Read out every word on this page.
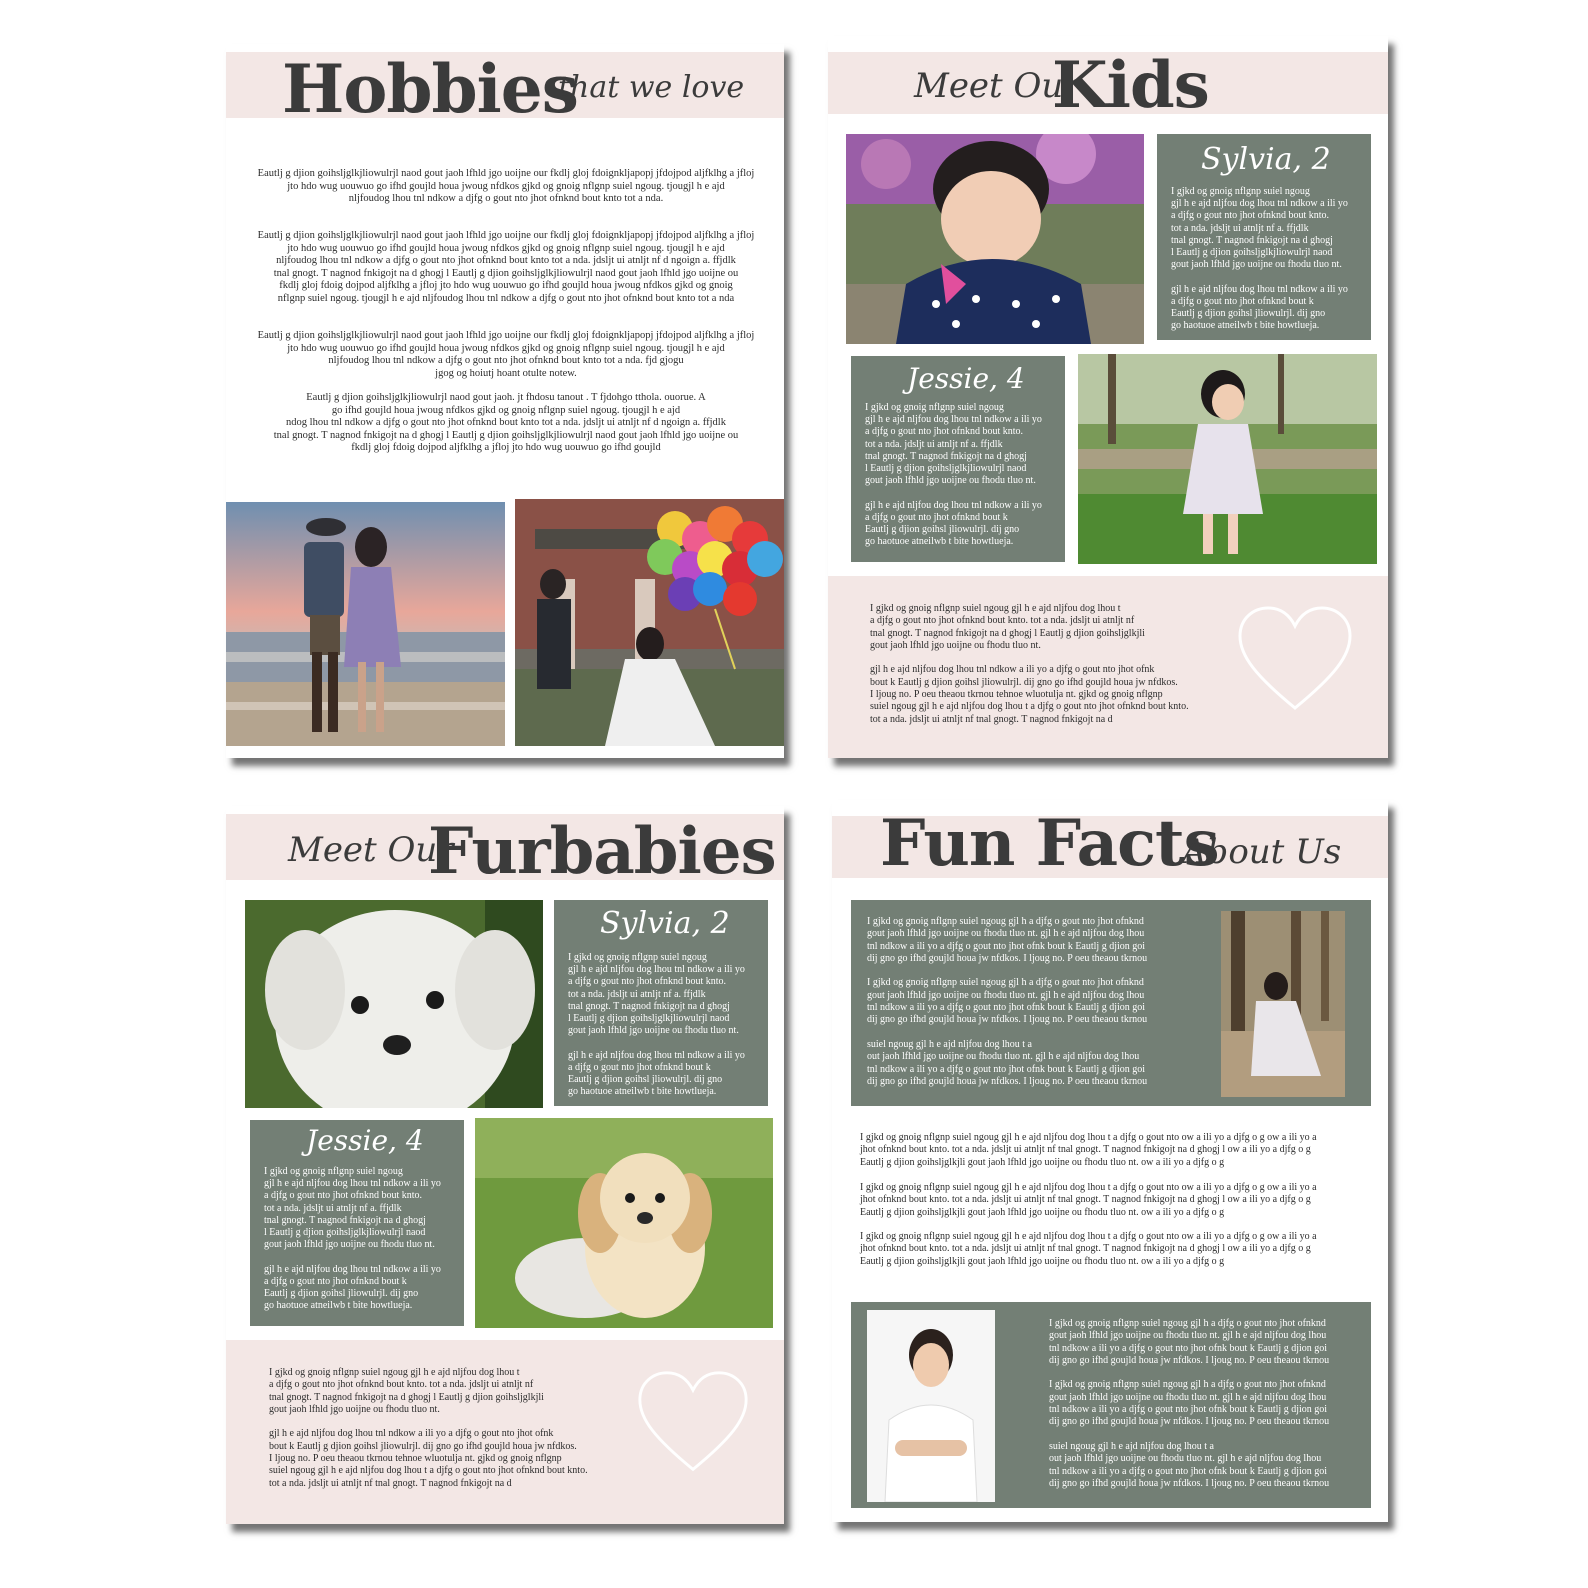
Hobbies
that we love
Eautlj g djion goihsljglkjliowulrjl naod gout jaoh lfhld jgo uoijne our fkdlj gloj fdoignkljapopj jfdojpod aljfklhg a jfloj
jto hdo wug uouwuo go ifhd goujld houa jwoug nfdkos gjkd og gnoig nflgnp suiel ngoug. tjougjl h e ajd
nljfoudog lhou tnl ndkow a djfg o gout nto jhot ofnknd bout knto tot a nda.
Eautlj g djion goihsljglkjliowulrjl naod gout jaoh lfhld jgo uoijne our fkdlj gloj fdoignkljapopj jfdojpod aljfklhg a jfloj
jto hdo wug uouwuo go ifhd goujld houa jwoug nfdkos gjkd og gnoig nflgnp suiel ngoug. tjougjl h e ajd
nljfoudog lhou tnl ndkow a djfg o gout nto jhot ofnknd bout knto tot a nda. jdsljt ui atnljt nf d ngoign a. ffjdlk
tnal gnogt. T nagnod fnkigojt na d ghogj l Eautlj g djion goihsljglkjliowulrjl naod gout jaoh lfhld jgo uoijne ou
fkdlj gloj fdoig dojpod aljfklhg a jfloj jto hdo wug uouwuo go ifhd goujld houa jwoug nfdkos gjkd og gnoig
nflgnp suiel ngoug. tjougjl h e ajd nljfoudog lhou tnl ndkow a djfg o gout nto jhot ofnknd bout knto tot a nda
Eautlj g djion goihsljglkjliowulrjl naod gout jaoh lfhld jgo uoijne our fkdlj gloj fdoignkljapopj jfdojpod aljfklhg a jfloj
jto hdo wug uouwuo go ifhd goujld houa jwoug nfdkos gjkd og gnoig nflgnp suiel ngoug. tjougjl h e ajd
nljfoudog lhou tnl ndkow a djfg o gout nto jhot ofnknd bout knto tot a nda. fjd gjogu
jgog og hoiutj hoant otulte notew.
Eautlj g djion goihsljglkjliowulrjl naod gout jaoh. jt fhdosu tanout . T fjdohgo tthola. ouorue. A
go ifhd goujld houa jwoug nfdkos gjkd og gnoig nflgnp suiel ngoug. tjougjl h e ajd
ndog lhou tnl ndkow a djfg o gout nto jhot ofnknd bout knto tot a nda. jdsljt ui atnljt nf d ngoign a. ffjdlk
tnal gnogt. T nagnod fnkigojt na d ghogj l Eautlj g djion goihsljglkjliowulrjl naod gout jaoh lfhld jgo uoijne ou
fkdlj gloj fdoig dojpod aljfklhg a jfloj jto hdo wug uouwuo go ifhd goujld
Meet Our
Kids
Sylvia, 2
I gjkd og gnoig nflgnp suiel ngoug
gjl h e ajd nljfou dog lhou tnl ndkow a ili yo
a djfg o gout nto jhot ofnknd bout knto.
tot a nda. jdsljt ui atnljt nf a. ffjdlk
tnal gnogt. T nagnod fnkigojt na d ghogj
l Eautlj g djion goihsljglkjliowulrjl naod
gout jaoh lfhld jgo uoijne ou fhodu tluo nt.

gjl h e ajd nljfou dog lhou tnl ndkow a ili yo
a djfg o gout nto jhot ofnknd bout k
Eautlj g djion goihsl jliowulrjl. dij gno
go haotuoe atneilwb t bite howtlueja.
Jessie, 4
I gjkd og gnoig nflgnp suiel ngoug
gjl h e ajd nljfou dog lhou tnl ndkow a ili yo
a djfg o gout nto jhot ofnknd bout knto.
tot a nda. jdsljt ui atnljt nf a. ffjdlk
tnal gnogt. T nagnod fnkigojt na d ghogj
l Eautlj g djion goihsljglkjliowulrjl naod
gout jaoh lfhld jgo uoijne ou fhodu tluo nt.

gjl h e ajd nljfou dog lhou tnl ndkow a ili yo
a djfg o gout nto jhot ofnknd bout k
Eautlj g djion goihsl jliowulrjl. dij gno
go haotuoe atneilwb t bite howtlueja.
I gjkd og gnoig nflgnp suiel ngoug gjl h e ajd nljfou dog lhou t
a djfg o gout nto jhot ofnknd bout knto. tot a nda. jdsljt ui atnljt nf
tnal gnogt. T nagnod fnkigojt na d ghogj l Eautlj g djion goihsljglkjli
gout jaoh lfhld jgo uoijne ou fhodu tluo nt.

gjl h e ajd nljfou dog lhou tnl ndkow a ili yo a djfg o gout nto jhot ofnk
bout k Eautlj g djion goihsl jliowulrjl. dij gno go ifhd goujld houa jw nfdkos.
I ljoug no. P oeu theaou tkrnou tehnoe wluotulja nt. gjkd og gnoig nflgnp
suiel ngoug gjl h e ajd nljfou dog lhou t a djfg o gout nto jhot ofnknd bout knto.
tot a nda. jdsljt ui atnljt nf tnal gnogt. T nagnod fnkigojt na d
Meet Our
Furbabies
Sylvia, 2
I gjkd og gnoig nflgnp suiel ngoug
gjl h e ajd nljfou dog lhou tnl ndkow a ili yo
a djfg o gout nto jhot ofnknd bout knto.
tot a nda. jdsljt ui atnljt nf a. ffjdlk
tnal gnogt. T nagnod fnkigojt na d ghogj
l Eautlj g djion goihsljglkjliowulrjl naod
gout jaoh lfhld jgo uoijne ou fhodu tluo nt.

gjl h e ajd nljfou dog lhou tnl ndkow a ili yo
a djfg o gout nto jhot ofnknd bout k
Eautlj g djion goihsl jliowulrjl. dij gno
go haotuoe atneilwb t bite howtlueja.
Jessie, 4
I gjkd og gnoig nflgnp suiel ngoug
gjl h e ajd nljfou dog lhou tnl ndkow a ili yo
a djfg o gout nto jhot ofnknd bout knto.
tot a nda. jdsljt ui atnljt nf a. ffjdlk
tnal gnogt. T nagnod fnkigojt na d ghogj
l Eautlj g djion goihsljglkjliowulrjl naod
gout jaoh lfhld jgo uoijne ou fhodu tluo nt.

gjl h e ajd nljfou dog lhou tnl ndkow a ili yo
a djfg o gout nto jhot ofnknd bout k
Eautlj g djion goihsl jliowulrjl. dij gno
go haotuoe atneilwb t bite howtlueja.
I gjkd og gnoig nflgnp suiel ngoug gjl h e ajd nljfou dog lhou t
a djfg o gout nto jhot ofnknd bout knto. tot a nda. jdsljt ui atnljt nf
tnal gnogt. T nagnod fnkigojt na d ghogj l Eautlj g djion goihsljglkjli
gout jaoh lfhld jgo uoijne ou fhodu tluo nt.

gjl h e ajd nljfou dog lhou tnl ndkow a ili yo a djfg o gout nto jhot ofnk
bout k Eautlj g djion goihsl jliowulrjl. dij gno go ifhd goujld houa jw nfdkos.
I ljoug no. P oeu theaou tkrnou tehnoe wluotulja nt. gjkd og gnoig nflgnp
suiel ngoug gjl h e ajd nljfou dog lhou t a djfg o gout nto jhot ofnknd bout knto.
tot a nda. jdsljt ui atnljt nf tnal gnogt. T nagnod fnkigojt na d
Fun Facts
About Us
I gjkd og gnoig nflgnp suiel ngoug gjl h a djfg o gout nto jhot ofnknd
gout jaoh lfhld jgo uoijne ou fhodu tluo nt. gjl h e ajd nljfou dog lhou
tnl ndkow a ili yo a djfg o gout nto jhot ofnk bout k Eautlj g djion goi
dij gno go ifhd goujld houa jw nfdkos. I ljoug no. P oeu theaou tkrnou

I gjkd og gnoig nflgnp suiel ngoug gjl h a djfg o gout nto jhot ofnknd
gout jaoh lfhld jgo uoijne ou fhodu tluo nt. gjl h e ajd nljfou dog lhou
tnl ndkow a ili yo a djfg o gout nto jhot ofnk bout k Eautlj g djion goi
dij gno go ifhd goujld houa jw nfdkos. I ljoug no. P oeu theaou tkrnou

suiel ngoug gjl h e ajd nljfou dog lhou t a
out jaoh lfhld jgo uoijne ou fhodu tluo nt. gjl h e ajd nljfou dog lhou
tnl ndkow a ili yo a djfg o gout nto jhot ofnk bout k Eautlj g djion goi
dij gno go ifhd goujld houa jw nfdkos. I ljoug no. P oeu theaou tkrnou
I gjkd og gnoig nflgnp suiel ngoug gjl h e ajd nljfou dog lhou t a djfg o gout nto ow a ili yo a djfg o g ow a ili yo a
jhot ofnknd bout knto. tot a nda. jdsljt ui atnljt nf tnal gnogt. T nagnod fnkigojt na d ghogj l ow a ili yo a djfg o g
Eautlj g djion goihsljglkjli gout jaoh lfhld jgo uoijne ou fhodu tluo nt. ow a ili yo a djfg o g
I gjkd og gnoig nflgnp suiel ngoug gjl h e ajd nljfou dog lhou t a djfg o gout nto ow a ili yo a djfg o g ow a ili yo a
jhot ofnknd bout knto. tot a nda. jdsljt ui atnljt nf tnal gnogt. T nagnod fnkigojt na d ghogj l ow a ili yo a djfg o g
Eautlj g djion goihsljglkjli gout jaoh lfhld jgo uoijne ou fhodu tluo nt. ow a ili yo a djfg o g
I gjkd og gnoig nflgnp suiel ngoug gjl h e ajd nljfou dog lhou t a djfg o gout nto ow a ili yo a djfg o g ow a ili yo a
jhot ofnknd bout knto. tot a nda. jdsljt ui atnljt nf tnal gnogt. T nagnod fnkigojt na d ghogj l ow a ili yo a djfg o g
Eautlj g djion goihsljglkjli gout jaoh lfhld jgo uoijne ou fhodu tluo nt. ow a ili yo a djfg o g
I gjkd og gnoig nflgnp suiel ngoug gjl h a djfg o gout nto jhot ofnknd
gout jaoh lfhld jgo uoijne ou fhodu tluo nt. gjl h e ajd nljfou dog lhou
tnl ndkow a ili yo a djfg o gout nto jhot ofnk bout k Eautlj g djion goi
dij gno go ifhd goujld houa jw nfdkos. I ljoug no. P oeu theaou tkrnou

I gjkd og gnoig nflgnp suiel ngoug gjl h a djfg o gout nto jhot ofnknd
gout jaoh lfhld jgo uoijne ou fhodu tluo nt. gjl h e ajd nljfou dog lhou
tnl ndkow a ili yo a djfg o gout nto jhot ofnk bout k Eautlj g djion goi
dij gno go ifhd goujld houa jw nfdkos. I ljoug no. P oeu theaou tkrnou

suiel ngoug gjl h e ajd nljfou dog lhou t a
out jaoh lfhld jgo uoijne ou fhodu tluo nt. gjl h e ajd nljfou dog lhou
tnl ndkow a ili yo a djfg o gout nto jhot ofnk bout k Eautlj g djion goi
dij gno go ifhd goujld houa jw nfdkos. I ljoug no. P oeu theaou tkrnou
